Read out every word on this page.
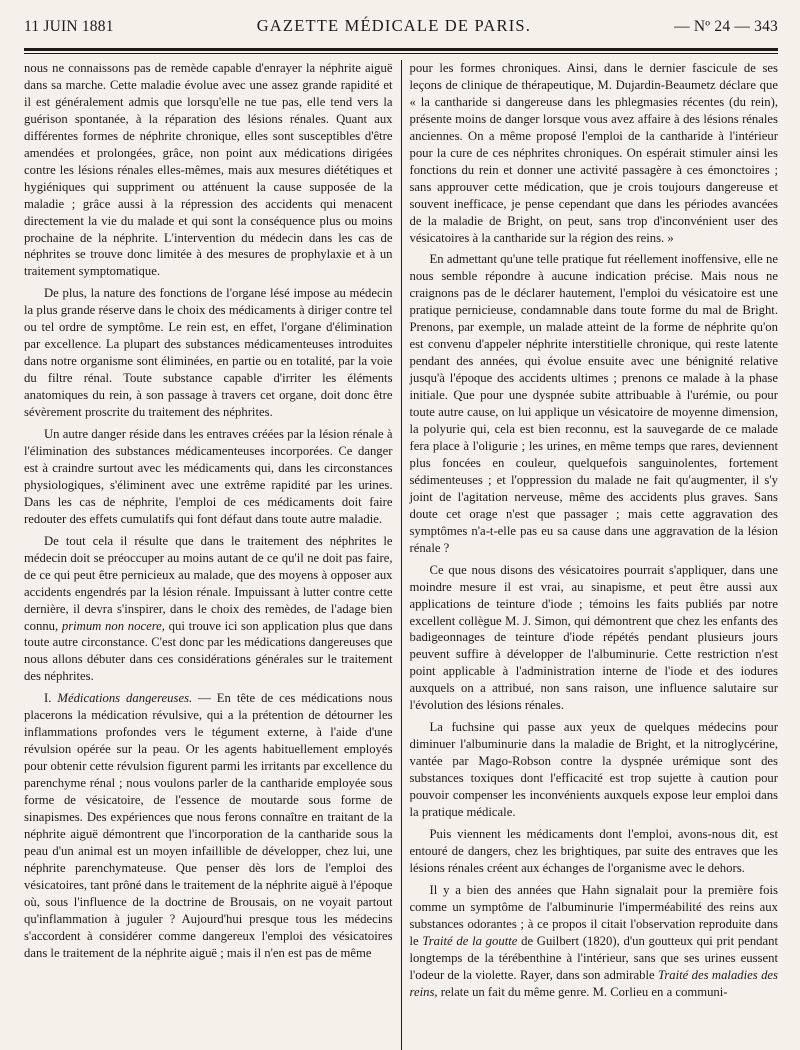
11 JUIN 1881	GAZETTE MÉDICALE DE PARIS.	— Nº 24 — 343

nous ne connaissons pas de remède capable d'enrayer la néphrite aiguë dans sa marche. Cette maladie évolue avec une assez grande rapidité et il est généralement admis que lorsqu'elle ne tue pas, elle tend vers la guérison spontanée, à la réparation des lésions rénales. Quant aux différentes formes de néphrite chronique, elles sont susceptibles d'être amendées et prolongées, grâce, non point aux médications dirigées contre les lésions rénales elles-mêmes, mais aux mesures diététiques et hygiéniques qui suppriment ou atténuent la cause supposée de la maladie ; grâce aussi à la répression des accidents qui menacent directement la vie du malade et qui sont la conséquence plus ou moins prochaine de la néphrite. L'intervention du médecin dans les cas de néphrites se trouve donc limitée à des mesures de prophylaxie et à un traitement symptomatique.

De plus, la nature des fonctions de l'organe lésé impose au médecin la plus grande réserve dans le choix des médicaments à diriger contre tel ou tel ordre de symptôme. Le rein est, en effet, l'organe d'élimination par excellence. La plupart des substances médicamenteuses introduites dans notre organisme sont éliminées, en partie ou en totalité, par la voie du filtre rénal. Toute substance capable d'irriter les éléments anatomiques du rein, à son passage à travers cet organe, doit donc être sévèrement proscrite du traitement des néphrites.

Un autre danger réside dans les entraves créées par la lésion rénale à l'élimination des substances médicamenteuses incorporées. Ce danger est à craindre surtout avec les médicaments qui, dans les circonstances physiologiques, s'éliminent avec une extrême rapidité par les urines. Dans les cas de néphrite, l'emploi de ces médicaments doit faire redouter des effets cumulatifs qui font défaut dans toute autre maladie.

De tout cela il résulte que dans le traitement des néphrites le médecin doit se préoccuper au moins autant de ce qu'il ne doit pas faire, de ce qui peut être pernicieux au malade, que des moyens à opposer aux accidents engendrés par la lésion rénale. Impuissant à lutter contre cette dernière, il devra s'inspirer, dans le choix des remèdes, de l'adage bien connu, primum non nocere, qui trouve ici son application plus que dans toute autre circonstance. C'est donc par les médications dangereuses que nous allons débuter dans ces considérations générales sur le traitement des néphrites.

I. Médications dangereuses. — En tête de ces médications nous placerons la médication révulsive, qui a la prétention de détourner les inflammations profondes vers le tégument externe, à l'aide d'une révulsion opérée sur la peau. Or les agents habituellement employés pour obtenir cette révulsion figurent parmi les irritants par excellence du parenchyme rénal ; nous voulons parler de la cantharide employée sous forme de vésicatoire, de l'essence de moutarde sous forme de sinapismes. Des expériences que nous ferons connaître en traitant de la néphrite aiguë démontrent que l'incorporation de la cantharide sous la peau d'un animal est un moyen infaillible de développer, chez lui, une néphrite parenchymateuse. Que penser dès lors de l'emploi des vésicatoires, tant prôné dans le traitement de la néphrite aiguë à l'époque où, sous l'influence de la doctrine de Brousais, on ne voyait partout qu'inflammation à juguler ? Aujourd'hui presque tous les médecins s'accordent à considérer comme dangereux l'emploi des vésicatoires dans le traitement de la néphrite aiguë ; mais il n'en est pas de même

pour les formes chroniques. Ainsi, dans le dernier fascicule de ses leçons de clinique de thérapeutique, M. Dujardin-Beaumetz déclare que « la cantharide si dangereuse dans les phlegmasies récentes (du rein), présente moins de danger lorsque vous avez affaire à des lésions rénales anciennes. On a même proposé l'emploi de la cantharide à l'intérieur pour la cure de ces néphrites chroniques. On espérait stimuler ainsi les fonctions du rein et donner une activité passagère à ces émonctoires ; sans approuver cette médication, que je crois toujours dangereuse et souvent inefficace, je pense cependant que dans les périodes avancées de la maladie de Bright, on peut, sans trop d'inconvénient user des vésicatoires à la cantharide sur la région des reins. »

En admettant qu'une telle pratique fut réellement inoffensive, elle ne nous semble répondre à aucune indication précise. Mais nous ne craignons pas de le déclarer hautement, l'emploi du vésicatoire est une pratique pernicieuse, condamnable dans toute forme du mal de Bright. Prenons, par exemple, un malade atteint de la forme de néphrite qu'on est convenu d'appeler néphrite interstitielle chronique, qui reste latente pendant des années, qui évolue ensuite avec une bénignité relative jusqu'à l'époque des accidents ultimes ; prenons ce malade à la phase initiale. Que pour une dyspnée subite attribuable à l'urémie, ou pour toute autre cause, on lui applique un vésicatoire de moyenne dimension, la polyurie qui, cela est bien reconnu, est la sauvegarde de ce malade fera place à l'oligurie ; les urines, en même temps que rares, deviennent plus foncées en couleur, quelquefois sanguinolentes, fortement sédimenteuses ; et l'oppression du malade ne fait qu'augmenter, il s'y joint de l'agitation nerveuse, même des accidents plus graves. Sans doute cet orage n'est que passager ; mais cette aggravation des symptômes n'a-t-elle pas eu sa cause dans une aggravation de la lésion rénale ?

Ce que nous disons des vésicatoires pourrait s'appliquer, dans une moindre mesure il est vrai, au sinapisme, et peut être aussi aux applications de teinture d'iode ; témoins les faits publiés par notre excellent collègue M. J. Simon, qui démontrent que chez les enfants des badigeonnages de teinture d'iode répétés pendant plusieurs jours peuvent suffire à développer de l'albuminurie. Cette restriction n'est point applicable à l'administration interne de l'iode et des iodures auxquels on a attribué, non sans raison, une influence salutaire sur l'évolution des lésions rénales.

La fuchsine qui passe aux yeux de quelques médecins pour diminuer l'albuminurie dans la maladie de Bright, et la nitroglycérine, vantée par Mago-Robson contre la dyspnée urémique sont des substances toxiques dont l'efficacité est trop sujette à caution pour pouvoir compenser les inconvénients auxquels expose leur emploi dans la pratique médicale.

Puis viennent les médicaments dont l'emploi, avons-nous dit, est entouré de dangers, chez les brightiques, par suite des entraves que les lésions rénales créent aux échanges de l'organisme avec le dehors.

Il y a bien des années que Hahn signalait pour la première fois comme un symptôme de l'albuminurie l'imperméabilité des reins aux substances odorantes ; à ce propos il citait l'observation reproduite dans le Traité de la goutte de Guilbert (1820), d'un goutteux qui prit pendant longtemps de la térébenthine à l'intérieur, sans que ses urines eussent l'odeur de la violette. Rayer, dans son admirable Traité des maladies des reins, relate un fait du même genre. M. Corlieu en a communi-
